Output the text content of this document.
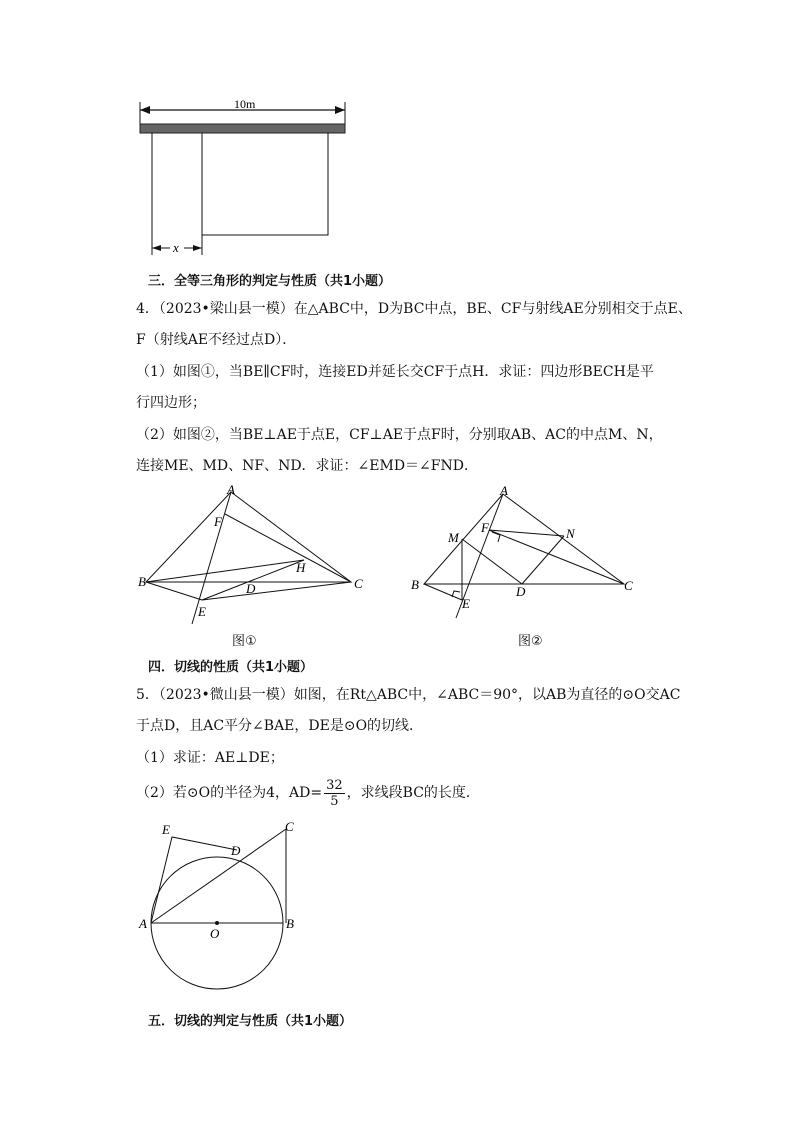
10m
x
三．全等三角形的判定与性质（共1小题）
4．（2023•梁山县一模）在△ABC中，D为BC中点，BE、CF与射线AE分别相交于点E、
F（射线AE不经过点D）．
（1）如图①，当BE∥CF时，连接ED并延长交CF于点H．求证：四边形BECH是平
行四边形；
（2）如图②，当BE⊥AE于点E，CF⊥AE于点F时，分别取AB、AC的中点M、N，
连接ME、MD、NF、ND．求证：∠EMD＝∠FND．
A
F
B
H
C
D
E
图①
A
F
M	N
B	D	C
E
图②
四．切线的性质（共1小题）
5．（2023•微山县一模）如图，在Rt△ABC中，∠ABC＝90°，以AB为直径的⊙O交AC
于点D，且AC平分∠BAE，DE是⊙O的切线．
（1）求证：AE⊥DE；
（2）若⊙O的半径为4，$AD= \frac{32}{5}$ ，求线段BC的长度．
E
D
C
A	B
O
五．切线的判定与性质（共1小题）
